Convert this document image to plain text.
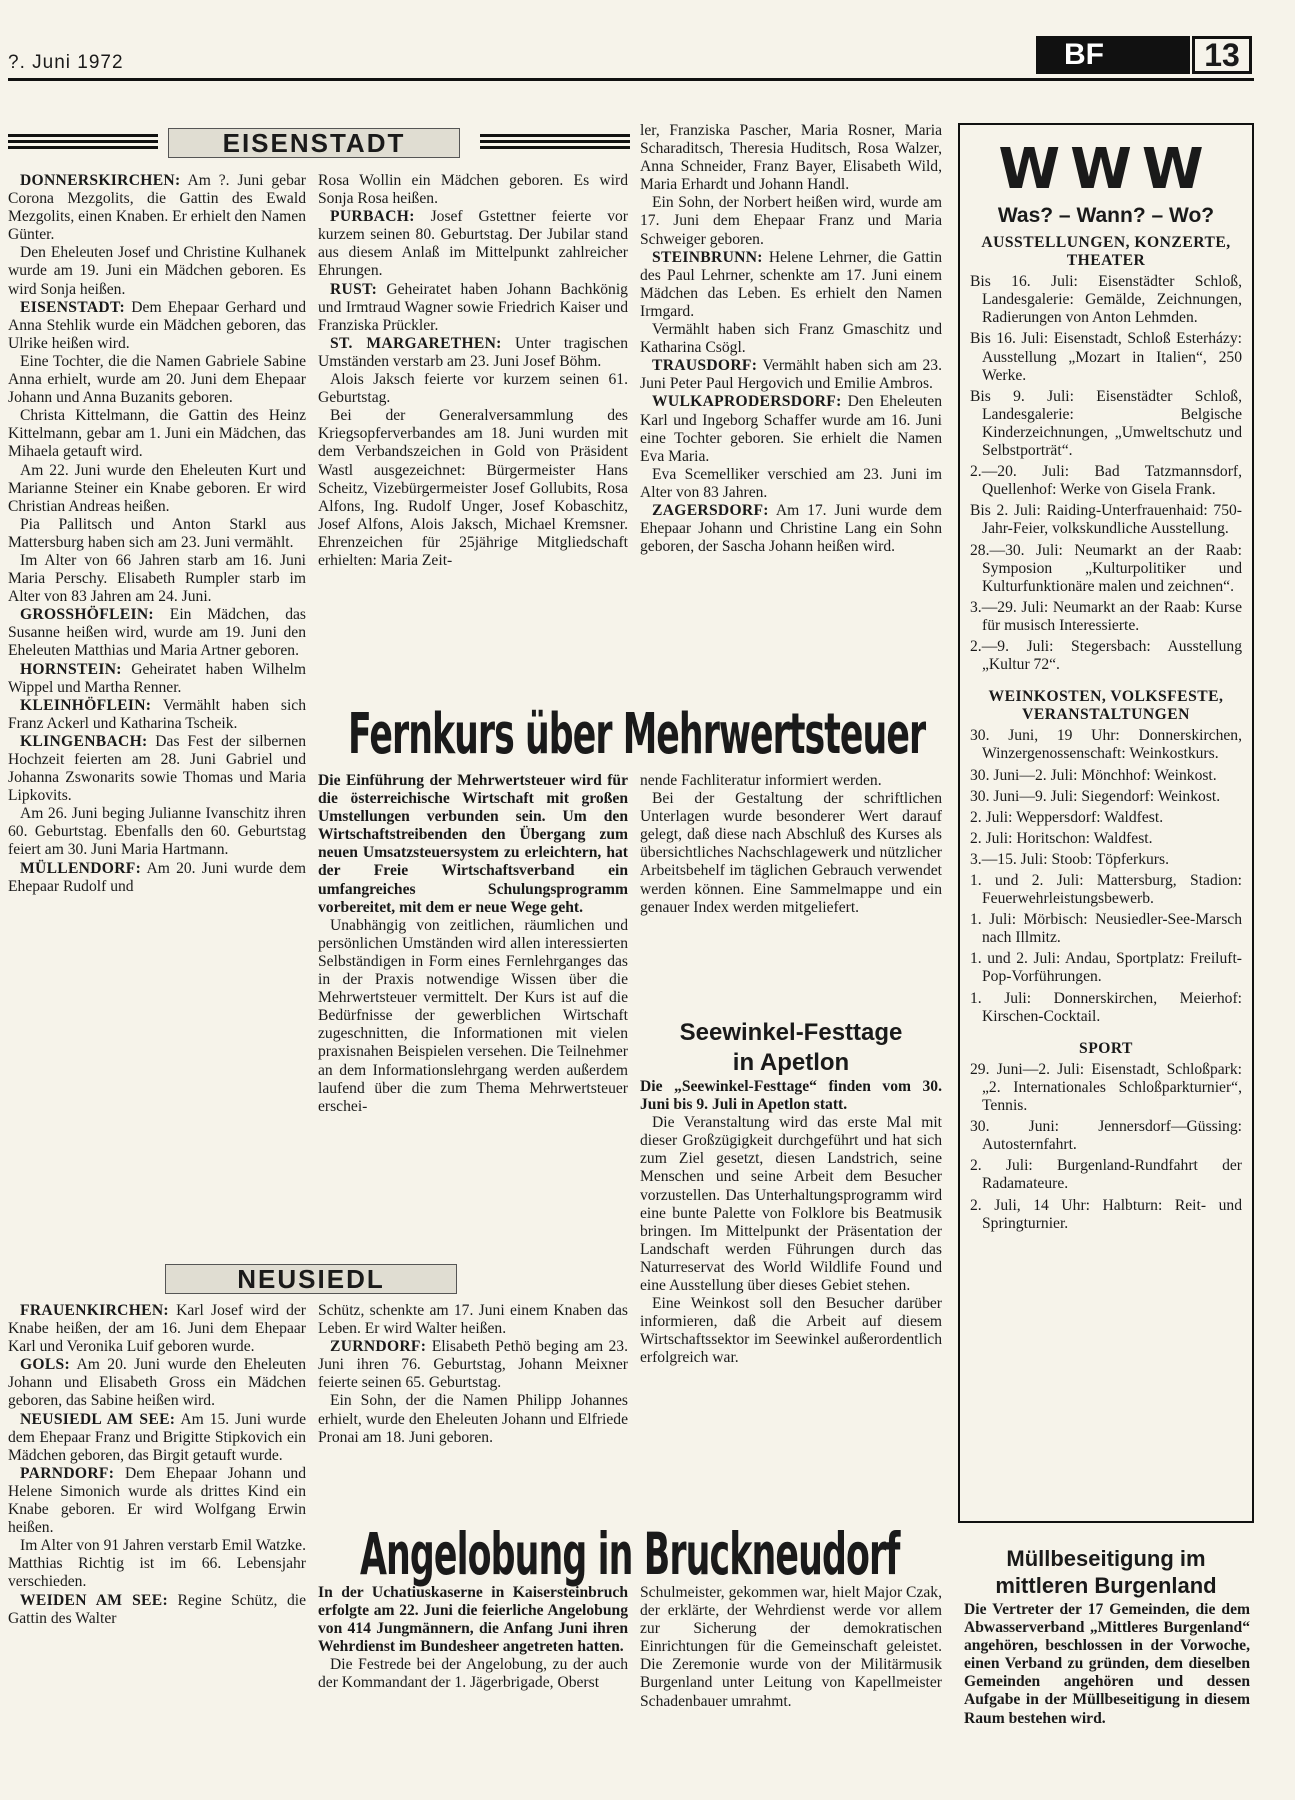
?. Juni 1972	BF	13
EISENSTADT

DONNERSKIRCHEN: Am ?. Juni gebar Corona Mezgolits, die Gattin des Ewald Mezgolits, einen Knaben. Er erhielt den Namen Günter.

Den Eheleuten Josef und Christine Kulhanek wurde am 19. Juni ein Mädchen geboren. Es wird Sonja heißen.

EISENSTADT: Dem Ehepaar Gerhard und Anna Stehlik wurde ein Mädchen geboren, das Ulrike heißen wird.

Eine Tochter, die die Namen Gabriele Sabine Anna erhielt, wurde am 20. Juni dem Ehepaar Johann und Anna Buzanits geboren.

Christa Kittelmann, die Gattin des Heinz Kittelmann, gebar am 1. Juni ein Mädchen, das Mihaela getauft wird.

Am 22. Juni wurde den Eheleuten Kurt und Marianne Steiner ein Knabe geboren. Er wird Christian Andreas heißen.

Pia Pallitsch und Anton Starkl aus Mattersburg haben sich am 23. Juni vermählt.

Im Alter von 66 Jahren starb am 16. Juni Maria Perschy. Elisabeth Rumpler starb im Alter von 83 Jahren am 24. Juni.

GROSSHÖFLEIN: Ein Mädchen, das Susanne heißen wird, wurde am 19. Juni den Eheleuten Matthias und Maria Artner geboren.

HORNSTEIN: Geheiratet haben Wilhelm Wippel und Martha Renner.

KLEINHÖFLEIN: Vermählt haben sich Franz Ackerl und Katharina Tscheik.

KLINGENBACH: Das Fest der silbernen Hochzeit feierten am 28. Juni Gabriel und Johanna Zswonarits sowie Thomas und Maria Lipkovits.

Am 26. Juni beging Julianne Ivanschitz ihren 60. Geburtstag. Ebenfalls den 60. Geburtstag feiert am 30. Juni Maria Hartmann.

MÜLLENDORF: Am 20. Juni wurde dem Ehepaar Rudolf und

Rosa Wollin ein Mädchen geboren. Es wird Sonja Rosa heißen.

PURBACH: Josef Gstettner feierte vor kurzem seinen 80. Geburtstag. Der Jubilar stand aus diesem Anlaß im Mittelpunkt zahlreicher Ehrungen.

RUST: Geheiratet haben Johann Bachkönig und Irmtraud Wagner sowie Friedrich Kaiser und Franziska Prückler.

ST. MARGARETHEN: Unter tragischen Umständen verstarb am 23. Juni Josef Böhm.

Alois Jaksch feierte vor kurzem seinen 61. Geburtstag.

Bei der Generalversammlung des Kriegsopferverbandes am 18. Juni wurden mit dem Verbandszeichen in Gold von Präsident Wastl ausgezeichnet: Bürgermeister Hans Scheitz, Vizebürgermeister Josef Gollubits, Rosa Alfons, Ing. Rudolf Unger, Josef Kobaschitz, Josef Alfons, Alois Jaksch, Michael Kremsner. Ehrenzeichen für 25jährige Mitgliedschaft erhielten: Maria Zeit-

ler, Franziska Pascher, Maria Rosner, Maria Scharaditsch, Theresia Huditsch, Rosa Walzer, Anna Schneider, Franz Bayer, Elisabeth Wild, Maria Erhardt und Johann Handl.

Ein Sohn, der Norbert heißen wird, wurde am 17. Juni dem Ehepaar Franz und Maria Schweiger geboren.

STEINBRUNN: Helene Lehrner, die Gattin des Paul Lehrner, schenkte am 17. Juni einem Mädchen das Leben. Es erhielt den Namen Irmgard.

Vermählt haben sich Franz Gmaschitz und Katharina Csögl.

TRAUSDORF: Vermählt haben sich am 23. Juni Peter Paul Hergovich und Emilie Ambros.

WULKAPRODERSDORF: Den Eheleuten Karl und Ingeborg Schaffer wurde am 16. Juni eine Tochter geboren. Sie erhielt die Namen Eva Maria.

Eva Scemelliker verschied am 23. Juni im Alter von 83 Jahren.

ZAGERSDORF: Am 17. Juni wurde dem Ehepaar Johann und Christine Lang ein Sohn geboren, der Sascha Johann heißen wird.

Fernkurs über Mehrwertsteuer

Die Einführung der Mehrwertsteuer wird für die österreichische Wirtschaft mit großen Umstellungen verbunden sein. Um den Wirtschaftstreibenden den Übergang zum neuen Umsatzsteuersystem zu erleichtern, hat der Freie Wirtschaftsverband ein umfangreiches Schulungsprogramm vorbereitet, mit dem er neue Wege geht.

Unabhängig von zeitlichen, räumlichen und persönlichen Umständen wird allen interessierten Selbständigen in Form eines Fernlehrganges das in der Praxis notwendige Wissen über die Mehrwertsteuer vermittelt. Der Kurs ist auf die Bedürfnisse der gewerblichen Wirtschaft zugeschnitten, die Informationen mit vielen praxisnahen Beispielen versehen. Die Teilnehmer an dem Informationslehrgang werden außerdem laufend über die zum Thema Mehrwertsteuer erschei-

nende Fachliteratur informiert werden.

Bei der Gestaltung der schriftlichen Unterlagen wurde besonderer Wert darauf gelegt, daß diese nach Abschluß des Kurses als übersichtliches Nachschlagewerk und nützlicher Arbeitsbehelf im täglichen Gebrauch verwendet werden können. Eine Sammelmappe und ein genauer Index werden mitgeliefert.

Seewinkel-Festtage
in Apetlon

Die „Seewinkel-Festtage“ finden vom 30. Juni bis 9. Juli in Apetlon statt.

Die Veranstaltung wird das erste Mal mit dieser Großzügigkeit durchgeführt und hat sich zum Ziel gesetzt, diesen Landstrich, seine Menschen und seine Arbeit dem Besucher vorzustellen. Das Unterhaltungsprogramm wird eine bunte Palette von Folklore bis Beatmusik bringen. Im Mittelpunkt der Präsentation der Landschaft werden Führungen durch das Naturreservat des World Wildlife Found und eine Ausstellung über dieses Gebiet stehen.

Eine Weinkost soll den Besucher darüber informieren, daß die Arbeit auf diesem Wirtschaftssektor im Seewinkel außerordentlich erfolgreich war.

NEUSIEDL

FRAUENKIRCHEN: Karl Josef wird der Knabe heißen, der am 16. Juni dem Ehepaar Karl und Veronika Luif geboren wurde.

GOLS: Am 20. Juni wurde den Eheleuten Johann und Elisabeth Gross ein Mädchen geboren, das Sabine heißen wird.

NEUSIEDL AM SEE: Am 15. Juni wurde dem Ehepaar Franz und Brigitte Stipkovich ein Mädchen geboren, das Birgit getauft wurde.

PARNDORF: Dem Ehepaar Johann und Helene Simonich wurde als drittes Kind ein Knabe geboren. Er wird Wolfgang Erwin heißen.

Im Alter von 91 Jahren verstarb Emil Watzke. Matthias Richtig ist im 66. Lebensjahr verschieden.

WEIDEN AM SEE: Regine Schütz, die Gattin des Walter

Schütz, schenkte am 17. Juni einem Knaben das Leben. Er wird Walter heißen.

ZURNDORF: Elisabeth Pethö beging am 23. Juni ihren 76. Geburtstag, Johann Meixner feierte seinen 65. Geburtstag.

Ein Sohn, der die Namen Philipp Johannes erhielt, wurde den Eheleuten Johann und Elfriede Pronai am 18. Juni geboren.

Angelobung in Bruckneudorf

In der Uchatiuskaserne in Kaisersteinbruch erfolgte am 22. Juni die feierliche Angelobung von 414 Jungmännern, die Anfang Juni ihren Wehrdienst im Bundesheer angetreten hatten.

Die Festrede bei der Angelobung, zu der auch der Kommandant der 1. Jägerbrigade, Oberst

Schulmeister, gekommen war, hielt Major Czak, der erklärte, der Wehrdienst werde vor allem zur Sicherung der demokratischen Einrichtungen für die Gemeinschaft geleistet. Die Zeremonie wurde von der Militärmusik Burgenland unter Leitung von Kapellmeister Schadenbauer umrahmt.

WWW
Was? – Wann? – Wo?

AUSSTELLUNGEN, KONZERTE, THEATER

Bis 16. Juli: Eisenstädter Schloß, Landesgalerie: Gemälde, Zeichnungen, Radierungen von Anton Lehmden.

Bis 16. Juli: Eisenstadt, Schloß Esterházy: Ausstellung „Mozart in Italien“, 250 Werke.

Bis 9. Juli: Eisenstädter Schloß, Landesgalerie: Belgische Kinderzeichnungen, „Umweltschutz und Selbstporträt“.

2.—20. Juli: Bad Tatzmannsdorf, Quellenhof: Werke von Gisela Frank.

Bis 2. Juli: Raiding-Unterfrauenhaid: 750-Jahr-Feier, volkskundliche Ausstellung.

28.—30. Juli: Neumarkt an der Raab: Symposion „Kulturpolitiker und Kulturfunktionäre malen und zeichnen“.

3.—29. Juli: Neumarkt an der Raab: Kurse für musisch Interessierte.

2.—9. Juli: Stegersbach: Ausstellung „Kultur 72“.

WEINKOSTEN, VOLKSFESTE, VERANSTALTUNGEN

30. Juni, 19 Uhr: Donnerskirchen, Winzergenossenschaft: Weinkostkurs.

30. Juni—2. Juli: Mönchhof: Weinkost.

30. Juni—9. Juli: Siegendorf: Weinkost.

2. Juli: Weppersdorf: Waldfest.

2. Juli: Horitschon: Waldfest.

3.—15. Juli: Stoob: Töpferkurs.

1. und 2. Juli: Mattersburg, Stadion: Feuerwehrleistungsbewerb.

1. Juli: Mörbisch: Neusiedler-See-Marsch nach Illmitz.

1. und 2. Juli: Andau, Sportplatz: Freiluft-Pop-Vorführungen.

1. Juli: Donnerskirchen, Meierhof: Kirschen-Cocktail.

SPORT

29. Juni—2. Juli: Eisenstadt, Schloßpark: „2. Internationales Schloßparkturnier“, Tennis.

30. Juni: Jennersdorf—Güssing: Autosternfahrt.

2. Juli: Burgenland-Rundfahrt der Radamateure.

2. Juli, 14 Uhr: Halbturn: Reit- und Springturnier.

Müllbeseitigung im
mittleren Burgenland

Die Vertreter der 17 Gemeinden, die dem Abwasserverband „Mittleres Burgenland“ angehören, beschlossen in der Vorwoche, einen Verband zu gründen, dem dieselben Gemeinden angehören und dessen Aufgabe in der Müllbeseitigung in diesem Raum bestehen wird.
